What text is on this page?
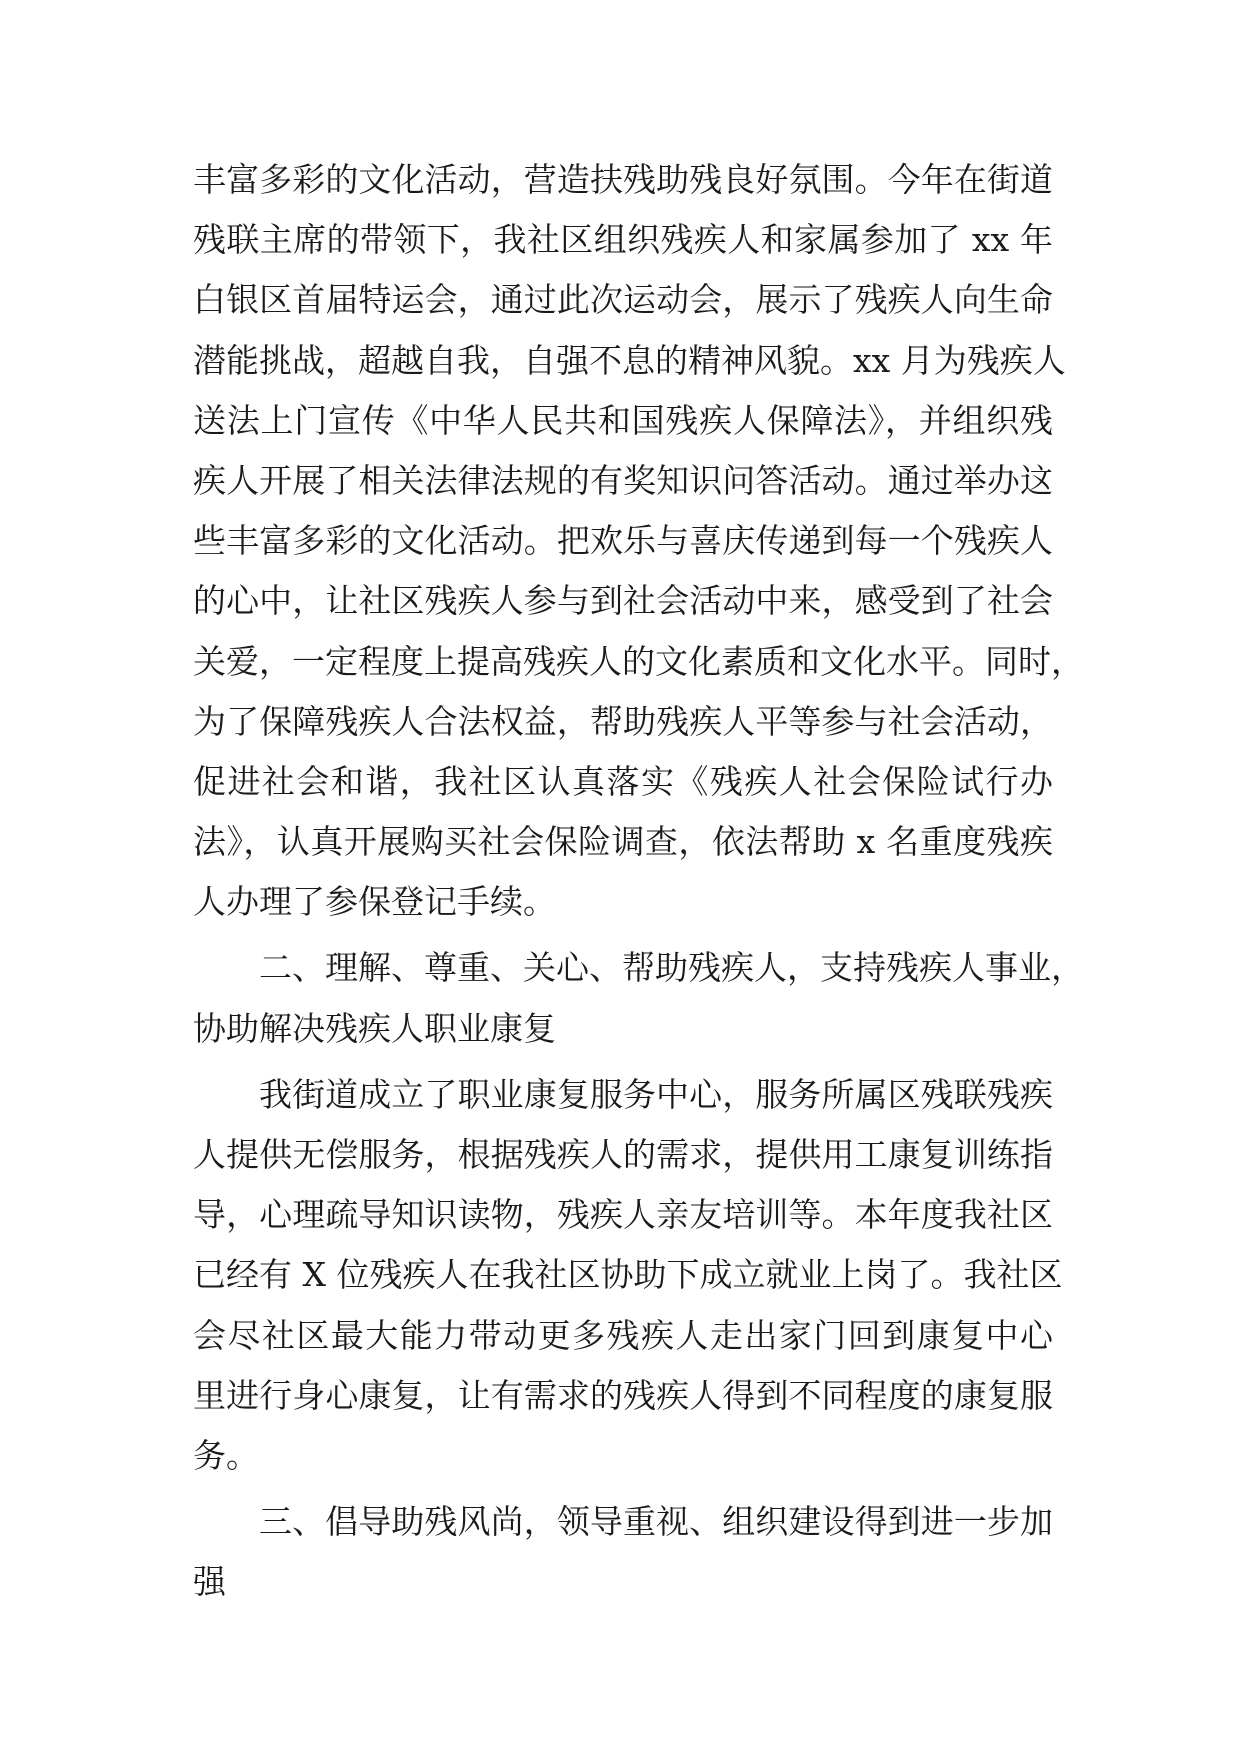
丰富多彩的文化活动，营造扶残助残良好氛围。今年在街道
残联主席的带领下，我社区组织残疾人和家属参加了 xx 年
白银区首届特运会，通过此次运动会，展示了残疾人向生命
潜能挑战，超越自我，自强不息的精神风貌。xx 月为残疾人
送法上门宣传《中华人民共和国残疾人保障法》，并组织残
疾人开展了相关法律法规的有奖知识问答活动。通过举办这
些丰富多彩的文化活动。把欢乐与喜庆传递到每一个残疾人
的心中，让社区残疾人参与到社会活动中来，感受到了社会
关爱，一定程度上提高残疾人的文化素质和文化水平。同时，
为了保障残疾人合法权益，帮助残疾人平等参与社会活动，
促进社会和谐，我社区认真落实《残疾人社会保险试行办
法》，认真开展购买社会保险调查，依法帮助 x 名重度残疾
人办理了参保登记手续。
二、理解、尊重、关心、帮助残疾人，支持残疾人事业，
协助解决残疾人职业康复
我街道成立了职业康复服务中心，服务所属区残联残疾
人提供无偿服务，根据残疾人的需求，提供用工康复训练指
导，心理疏导知识读物，残疾人亲友培训等。本年度我社区
已经有 X 位残疾人在我社区协助下成立就业上岗了。我社区
会尽社区最大能力带动更多残疾人走出家门回到康复中心
里进行身心康复，让有需求的残疾人得到不同程度的康复服
务。
三、倡导助残风尚，领导重视、组织建设得到进一步加
强
